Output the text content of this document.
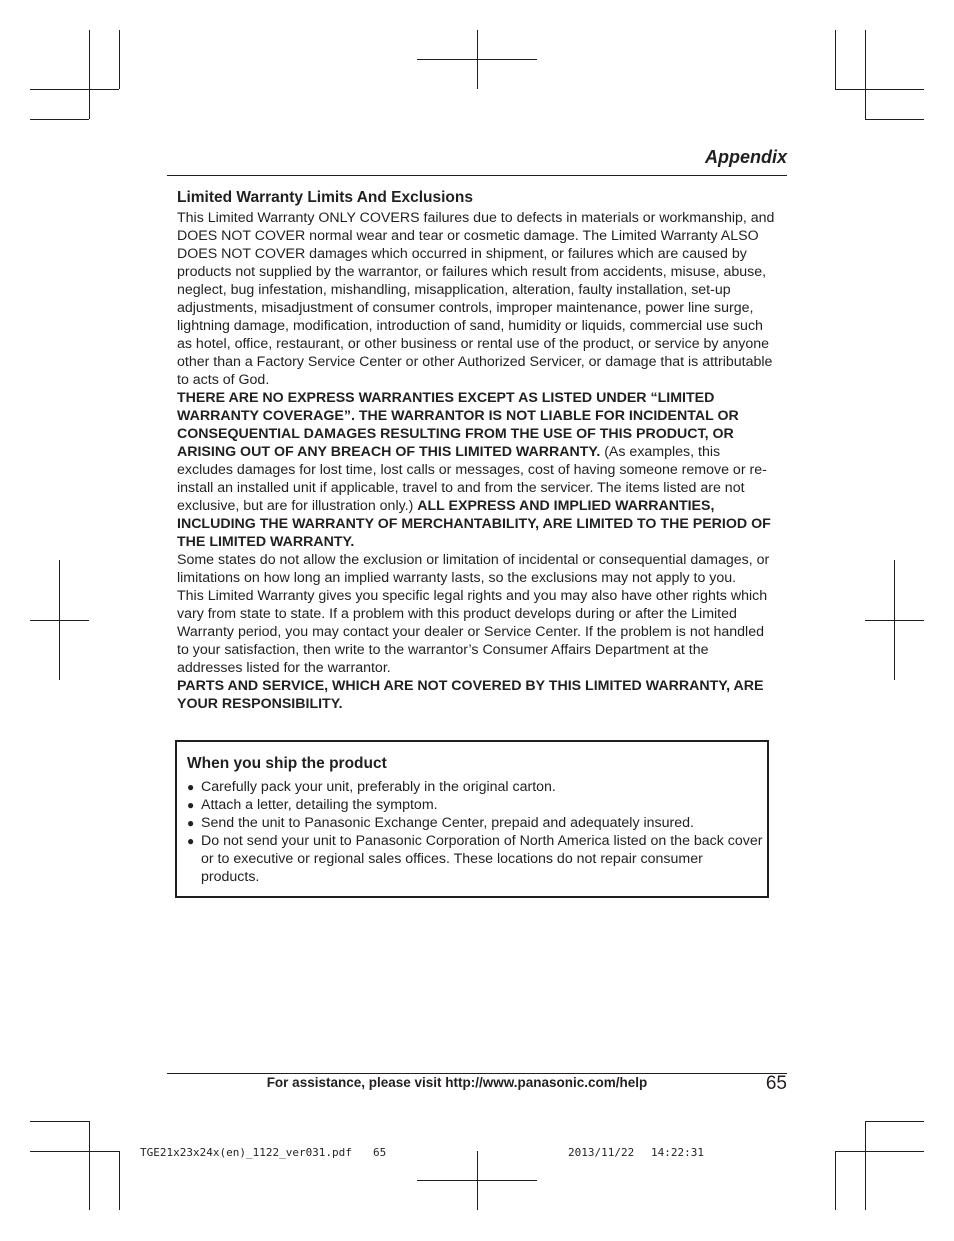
Appendix
Limited Warranty Limits And Exclusions

This Limited Warranty ONLY COVERS failures due to defects in materials or workmanship, and DOES NOT COVER normal wear and tear or cosmetic damage. The Limited Warranty ALSO DOES NOT COVER damages which occurred in shipment, or failures which are caused by products not supplied by the warrantor, or failures which result from accidents, misuse, abuse, neglect, bug infestation, mishandling, misapplication, alteration, faulty installation, set-up adjustments, misadjustment of consumer controls, improper maintenance, power line surge, lightning damage, modification, introduction of sand, humidity or liquids, commercial use such as hotel, office, restaurant, or other business or rental use of the product, or service by anyone other than a Factory Service Center or other Authorized Servicer, or damage that is attributable to acts of God.

THERE ARE NO EXPRESS WARRANTIES EXCEPT AS LISTED UNDER “LIMITED WARRANTY COVERAGE”. THE WARRANTOR IS NOT LIABLE FOR INCIDENTAL OR CONSEQUENTIAL DAMAGES RESULTING FROM THE USE OF THIS PRODUCT, OR ARISING OUT OF ANY BREACH OF THIS LIMITED WARRANTY. (As examples, this excludes damages for lost time, lost calls or messages, cost of having someone remove or re-install an installed unit if applicable, travel to and from the servicer. The items listed are not exclusive, but are for illustration only.) ALL EXPRESS AND IMPLIED WARRANTIES, INCLUDING THE WARRANTY OF MERCHANTABILITY, ARE LIMITED TO THE PERIOD OF THE LIMITED WARRANTY.

Some states do not allow the exclusion or limitation of incidental or consequential damages, or limitations on how long an implied warranty lasts, so the exclusions may not apply to you.

This Limited Warranty gives you specific legal rights and you may also have other rights which vary from state to state. If a problem with this product develops during or after the Limited Warranty period, you may contact your dealer or Service Center. If the problem is not handled to your satisfaction, then write to the warrantor’s Consumer Affairs Department at the addresses listed for the warrantor.

PARTS AND SERVICE, WHICH ARE NOT COVERED BY THIS LIMITED WARRANTY, ARE YOUR RESPONSIBILITY.

When you ship the product
● Carefully pack your unit, preferably in the original carton.
● Attach a letter, detailing the symptom.
● Send the unit to Panasonic Exchange Center, prepaid and adequately insured.
● Do not send your unit to Panasonic Corporation of North America listed on the back cover or to executive or regional sales offices. These locations do not repair consumer products.
For assistance, please visit http://www.panasonic.com/help	65
TGE21x23x24x(en)_1122_ver031.pdf 65	2013/11/22 14:22:31
